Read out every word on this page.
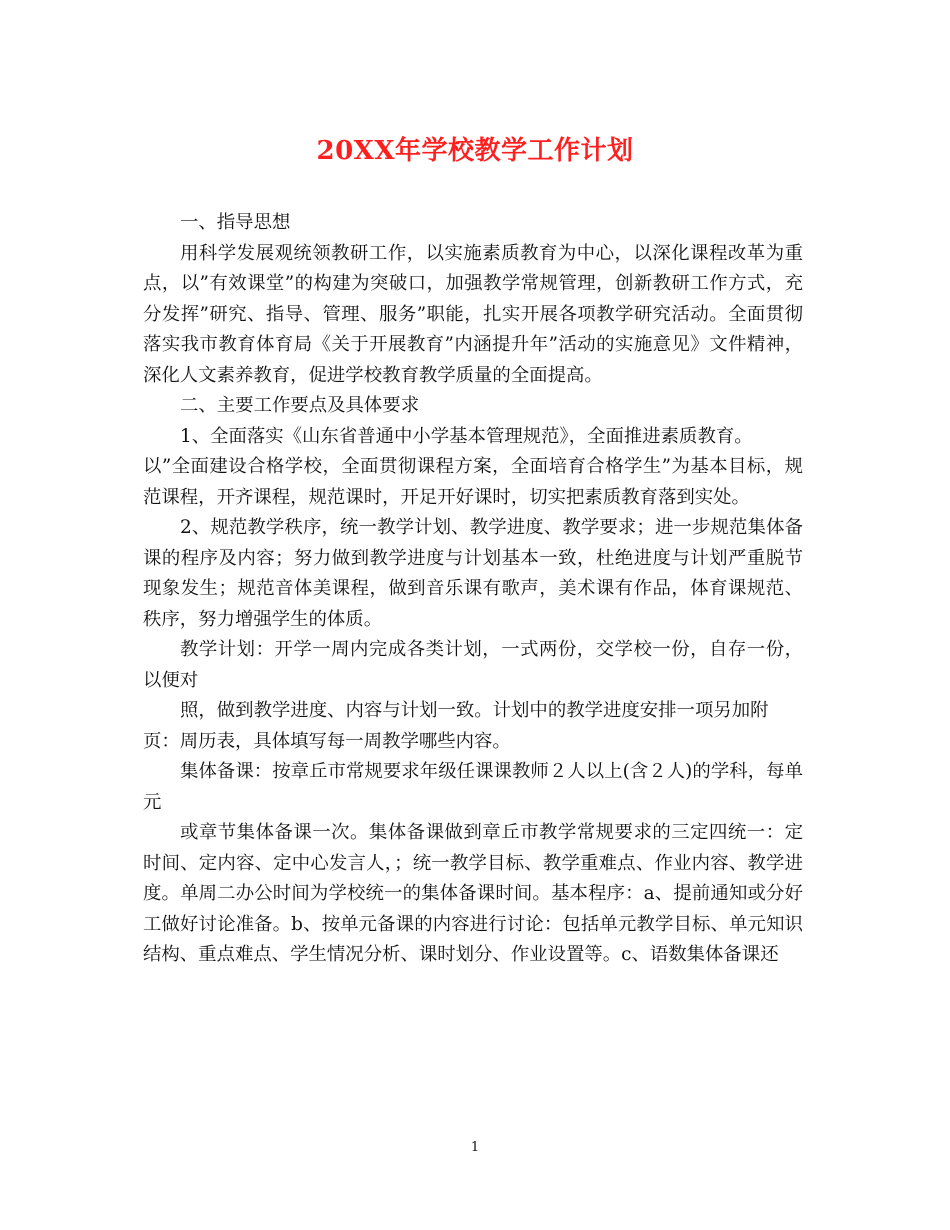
20XX年学校教学工作计划

一、指导思想

用科学发展观统领教研工作，以实施素质教育为中心，以深化课程改革为重点，以”有效课堂”的构建为突破口，加强教学常规管理，创新教研工作方式，充分发挥”研究、指导、管理、服务”职能，扎实开展各项教学研究活动。全面贯彻落实我市教育体育局《关于开展教育”内涵提升年”活动的实施意见》文件精神，深化人文素养教育，促进学校教育教学质量的全面提高。

二、主要工作要点及具体要求

1、全面落实《山东省普通中小学基本管理规范》，全面推进素质教育。

以”全面建设合格学校，全面贯彻课程方案，全面培育合格学生”为基本目标，规范课程，开齐课程，规范课时，开足开好课时，切实把素质教育落到实处。

2、规范教学秩序，统一教学计划、教学进度、教学要求；进一步规范集体备课的程序及内容；努力做到教学进度与计划基本一致，杜绝进度与计划严重脱节现象发生；规范音体美课程，做到音乐课有歌声，美术课有作品，体育课规范、秩序，努力增强学生的体质。

教学计划：开学一周内完成各类计划，一式两份，交学校一份，自存一份，以便对

照，做到教学进度、内容与计划一致。计划中的教学进度安排一项另加附

页：周历表，具体填写每一周教学哪些内容。

集体备课：按章丘市常规要求年级任课课教师２人以上(含２人)的学科，每单元

或章节集体备课一次。集体备课做到章丘市教学常规要求的三定四统一：定时间、定内容、定中心发言人，；统一教学目标、教学重难点、作业内容、教学进度。单周二办公时间为学校统一的集体备课时间。基本程序：a、提前通知或分好工做好讨论准备。b、按单元备课的内容进行讨论：包括单元教学目标、单元知识结构、重点难点、学生情况分析、课时划分、作业设置等。c、语数集体备课还

1
